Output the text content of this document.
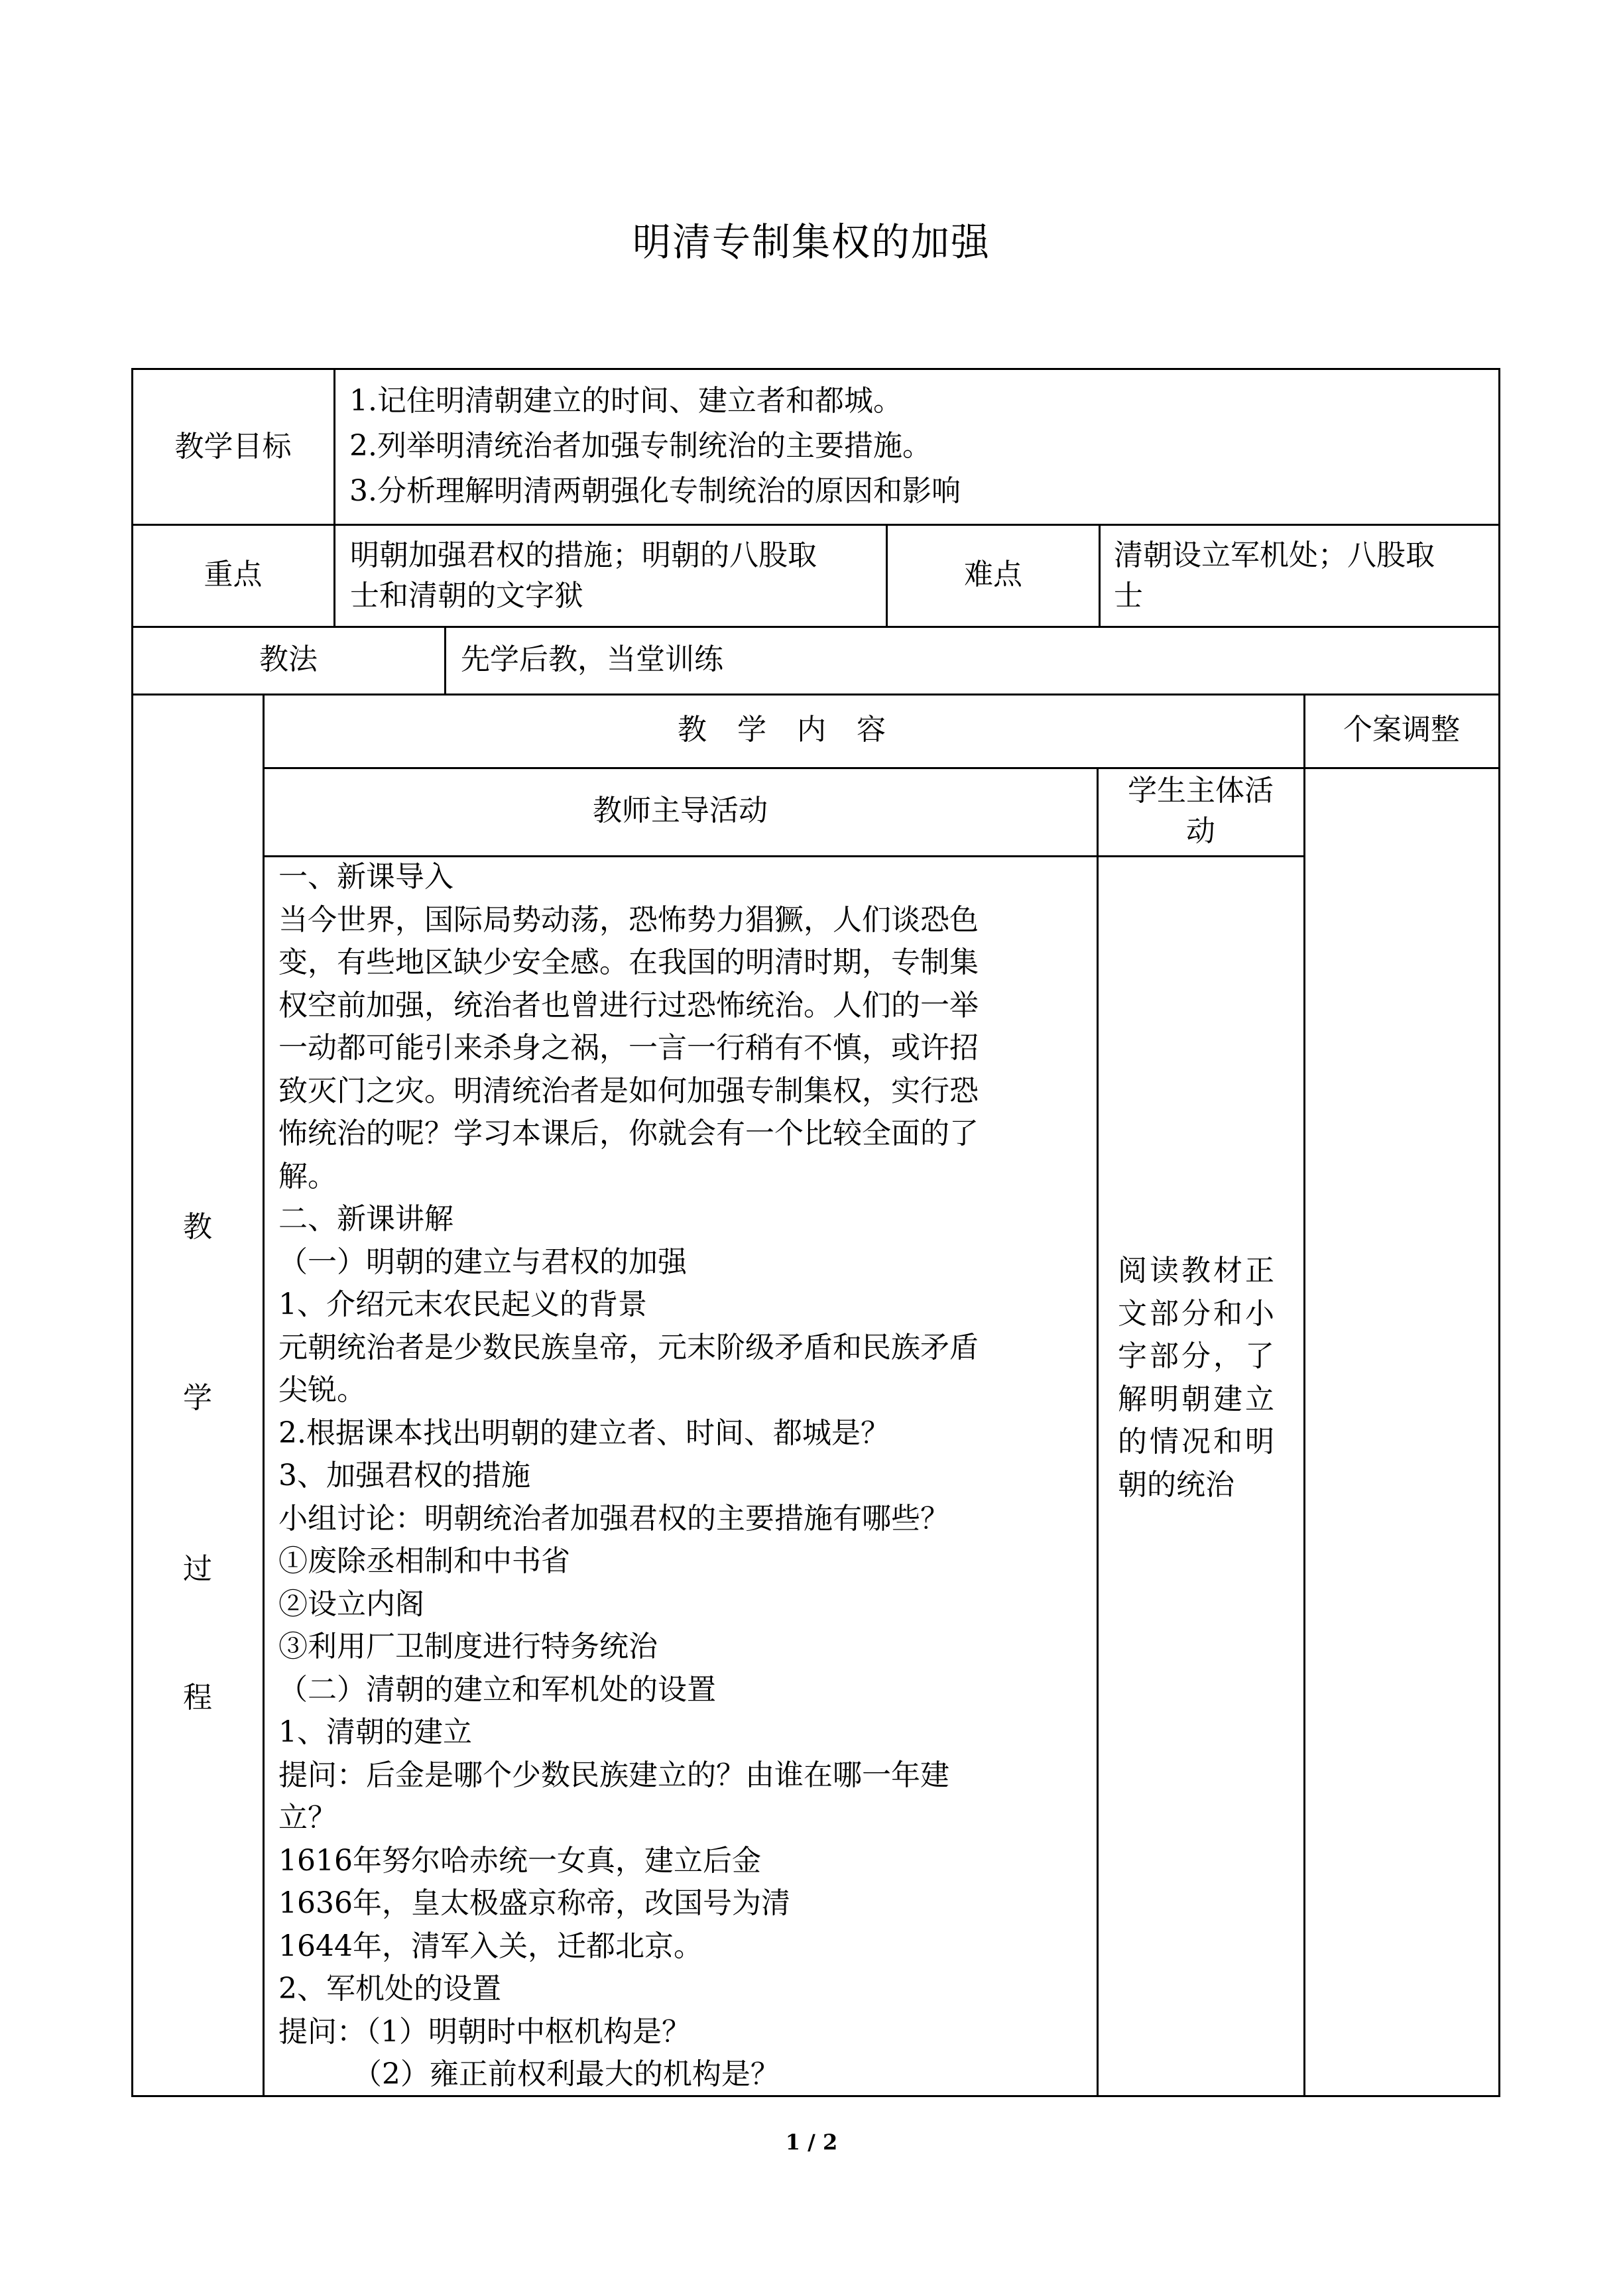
明清专制集权的加强
教学目标
1.记住明清朝建立的时间、建立者和都城。
2.列举明清统治者加强专制统治的主要措施。
3.分析理解明清两朝强化专制统治的原因和影响
重点
明朝加强君权的措施；明朝的八股取
士和清朝的文字狱
难点
清朝设立军机处；八股取
士
教法	先学后教，当堂训练
教
学
过
程
教  学  内  容	个案调整
教师主导活动
学生主体活
动
一、新课导入
当今世界，国际局势动荡，恐怖势力猖獗，人们谈恐色
变，有些地区缺少安全感。在我国的明清时期，专制集
权空前加强，统治者也曾进行过恐怖统治。人们的一举
一动都可能引来杀身之祸，一言一行稍有不慎，或许招
致灭门之灾。明清统治者是如何加强专制集权，实行恐
怖统治的呢？学习本课后，你就会有一个比较全面的了
解。
二、新课讲解
（一）明朝的建立与君权的加强
1、介绍元末农民起义的背景
元朝统治者是少数民族皇帝，元末阶级矛盾和民族矛盾
尖锐。
2.根据课本找出明朝的建立者、时间、都城是？
3、加强君权的措施
小组讨论：明朝统治者加强君权的主要措施有哪些？
①废除丞相制和中书省
②设立内阁
③利用厂卫制度进行特务统治
（二）清朝的建立和军机处的设置
1、清朝的建立
提问：后金是哪个少数民族建立的？由谁在哪一年建
立？
1616年努尔哈赤统一女真，建立后金
1636年，皇太极盛京称帝，改国号为清
1644年，清军入关，迁都北京。
2、军机处的设置
提问：（1）明朝时中枢机构是？
（2）雍正前权利最大的机构是？
阅读教材正
文部分和小
字部分，了
解明朝建立
的情况和明
朝的统治
1 / 2
